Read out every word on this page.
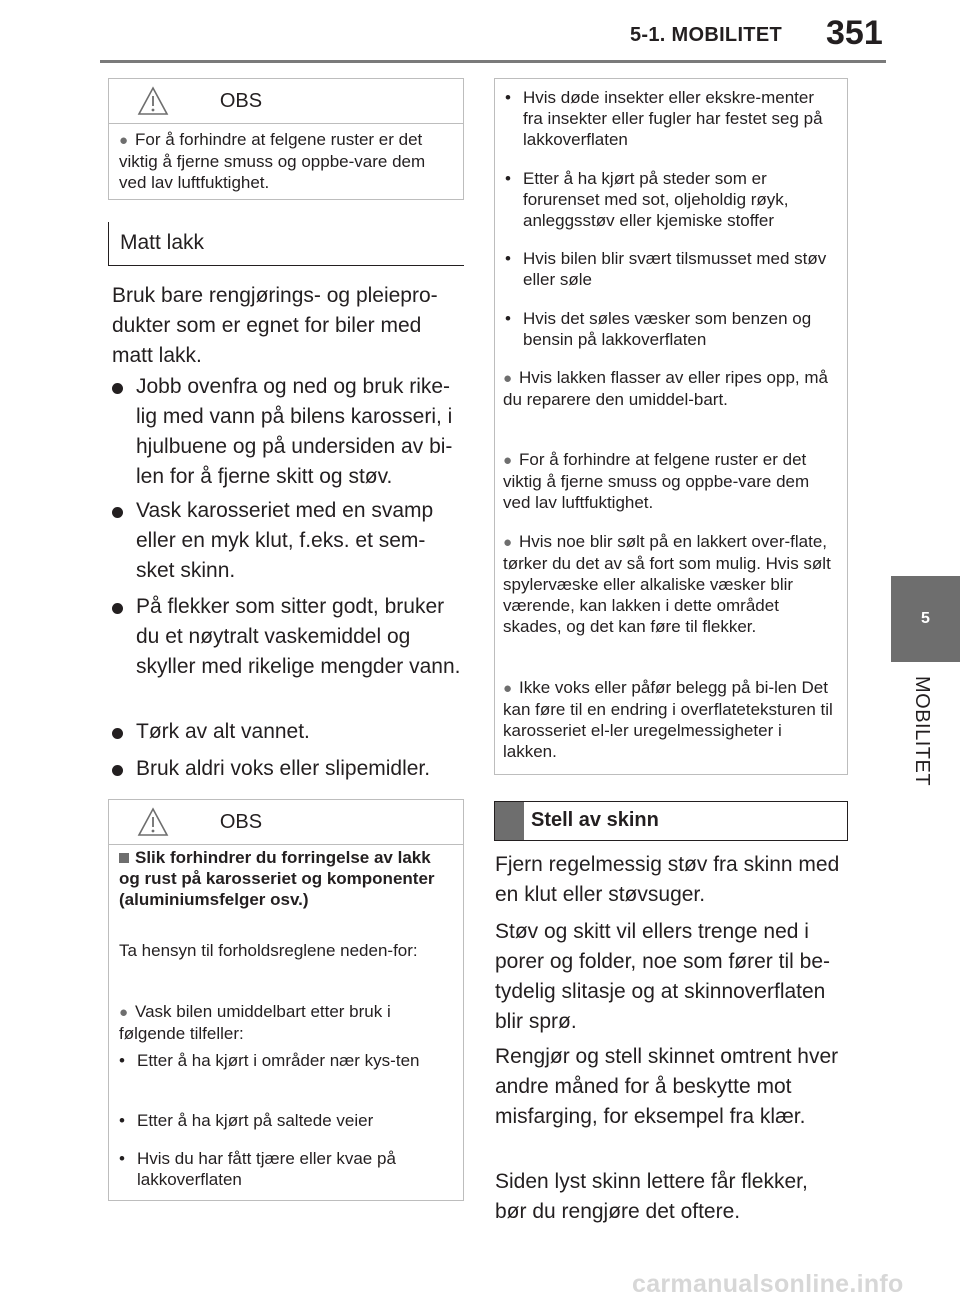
5-1. MOBILITET 351
5
MOBILITET
OBS
● For å forhindre at felgene ruster er det viktig å fjerne smuss og oppbe-vare dem ved lav luftfuktighet.
Matt lakk
Bruk bare rengjørings- og pleiepro-dukter som er egnet for biler med matt lakk.
Jobb ovenfra og ned og bruk rike-lig med vann på bilens karosseri, i hjulbuene og på undersiden av bi-len for å fjerne skitt og støv.
Vask karosseriet med en svamp eller en myk klut, f.eks. et sem-sket skinn.
På flekker som sitter godt, bruker du et nøytralt vaskemiddel og skyller med rikelige mengder vann.
Tørk av alt vannet.
Bruk aldri voks eller slipemidler.
OBS
Slik forhindrer du forringelse av lakk og rust på karosseriet og komponenter (aluminiumsfelger osv.)
Ta hensyn til forholdsreglene neden-for:
● Vask bilen umiddelbart etter bruk i følgende tilfeller:
• Etter å ha kjørt i områder nær kys-ten
• Etter å ha kjørt på saltede veier
• Hvis du har fått tjære eller kvae på lakkoverflaten
• Hvis døde insekter eller ekskre-menter fra insekter eller fugler har festet seg på lakkoverflaten
• Etter å ha kjørt på steder som er forurenset med sot, oljeholdig røyk, anleggsstøv eller kjemiske stoffer
• Hvis bilen blir svært tilsmusset med støv eller søle
• Hvis det søles væsker som benzen og bensin på lakkoverflaten
● Hvis lakken flasser av eller ripes opp, må du reparere den umiddel-bart.
● For å forhindre at felgene ruster er det viktig å fjerne smuss og oppbe-vare dem ved lav luftfuktighet.
● Hvis noe blir sølt på en lakkert over-flate, tørker du det av så fort som mulig. Hvis sølt spylervæske eller alkaliske væsker blir værende, kan lakken i dette området skades, og det kan føre til flekker.
● Ikke voks eller påfør belegg på bi-len Det kan føre til en endring i overflateteksturen til karosseriet el-ler uregelmessigheter i lakken.
Stell av skinn
Fjern regelmessig støv fra skinn med en klut eller støvsuger.
Støv og skitt vil ellers trenge ned i porer og folder, noe som fører til be-tydelig slitasje og at skinnoverflaten blir sprø.
Rengjør og stell skinnet omtrent hver andre måned for å beskytte mot misfarging, for eksempel fra klær.
Siden lyst skinn lettere får flekker, bør du rengjøre det oftere.
carmanualsonline.info
